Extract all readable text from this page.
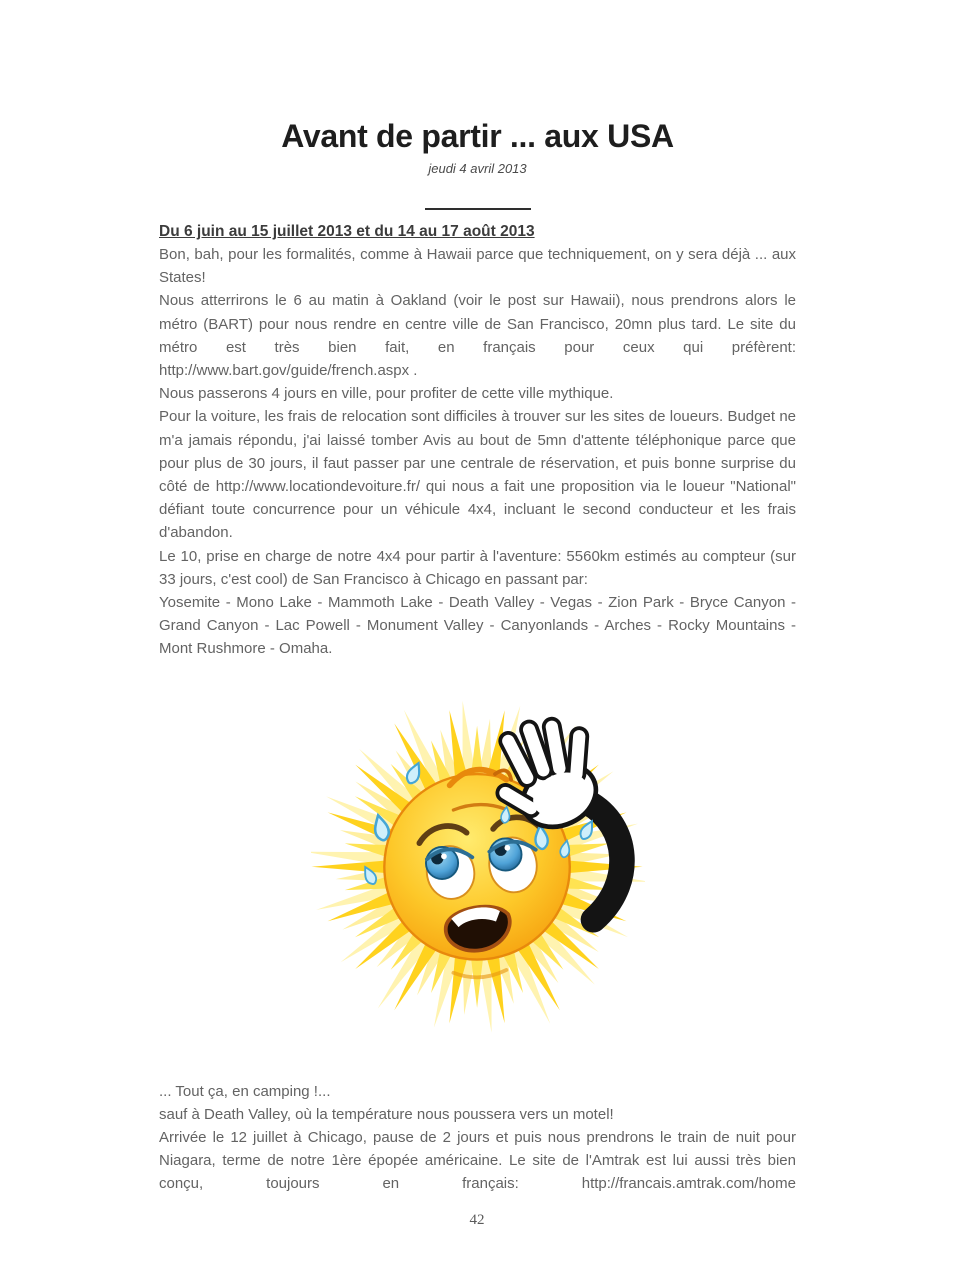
Avant de partir ... aux USA
jeudi 4 avril 2013
Du 6 juin au 15 juillet 2013 et du 14 au 17 août 2013

Bon, bah, pour les formalités, comme à Hawaii parce que techniquement, on y sera déjà ... aux States!

Nous atterrirons le 6 au matin à Oakland (voir le post sur Hawaii), nous prendrons alors le métro (BART) pour nous rendre en centre ville de San Francisco, 20mn plus tard. Le site du métro est très bien fait, en français pour ceux qui préfèrent: http://www.bart.gov/guide/french.aspx .

Nous passerons 4 jours en ville, pour profiter de cette ville mythique.

Pour la voiture, les frais de relocation sont difficiles à trouver sur les sites de loueurs. Budget ne m'a jamais répondu, j'ai laissé tomber Avis au bout de 5mn d'attente téléphonique parce que pour plus de 30 jours, il faut passer par une centrale de réservation, et puis bonne surprise du côté de http://www.locationdevoiture.fr/ qui nous a fait une proposition via le loueur "National" défiant toute concurrence pour un véhicule 4x4, incluant le second conducteur et les frais d'abandon.

Le 10, prise en charge de notre 4x4 pour partir à l'aventure: 5560km estimés au compteur (sur 33 jours, c'est cool) de San Francisco à Chicago en passant par:

Yosemite - Mono Lake - Mammoth Lake - Death Valley - Vegas - Zion Park - Bryce Canyon - Grand Canyon - Lac Powell - Monument Valley - Canyonlands - Arches - Rocky Mountains - Mont Rushmore - Omaha.

... Tout ça, en camping !...

sauf à Death Valley, où la température nous poussera vers un motel!

Arrivée le 12 juillet à Chicago, pause de 2 jours et puis nous prendrons le train de nuit pour Niagara, terme de notre 1ère épopée américaine. Le site de l'Amtrak est lui aussi très bien conçu, toujours en français: http://francais.amtrak.com/home

42
